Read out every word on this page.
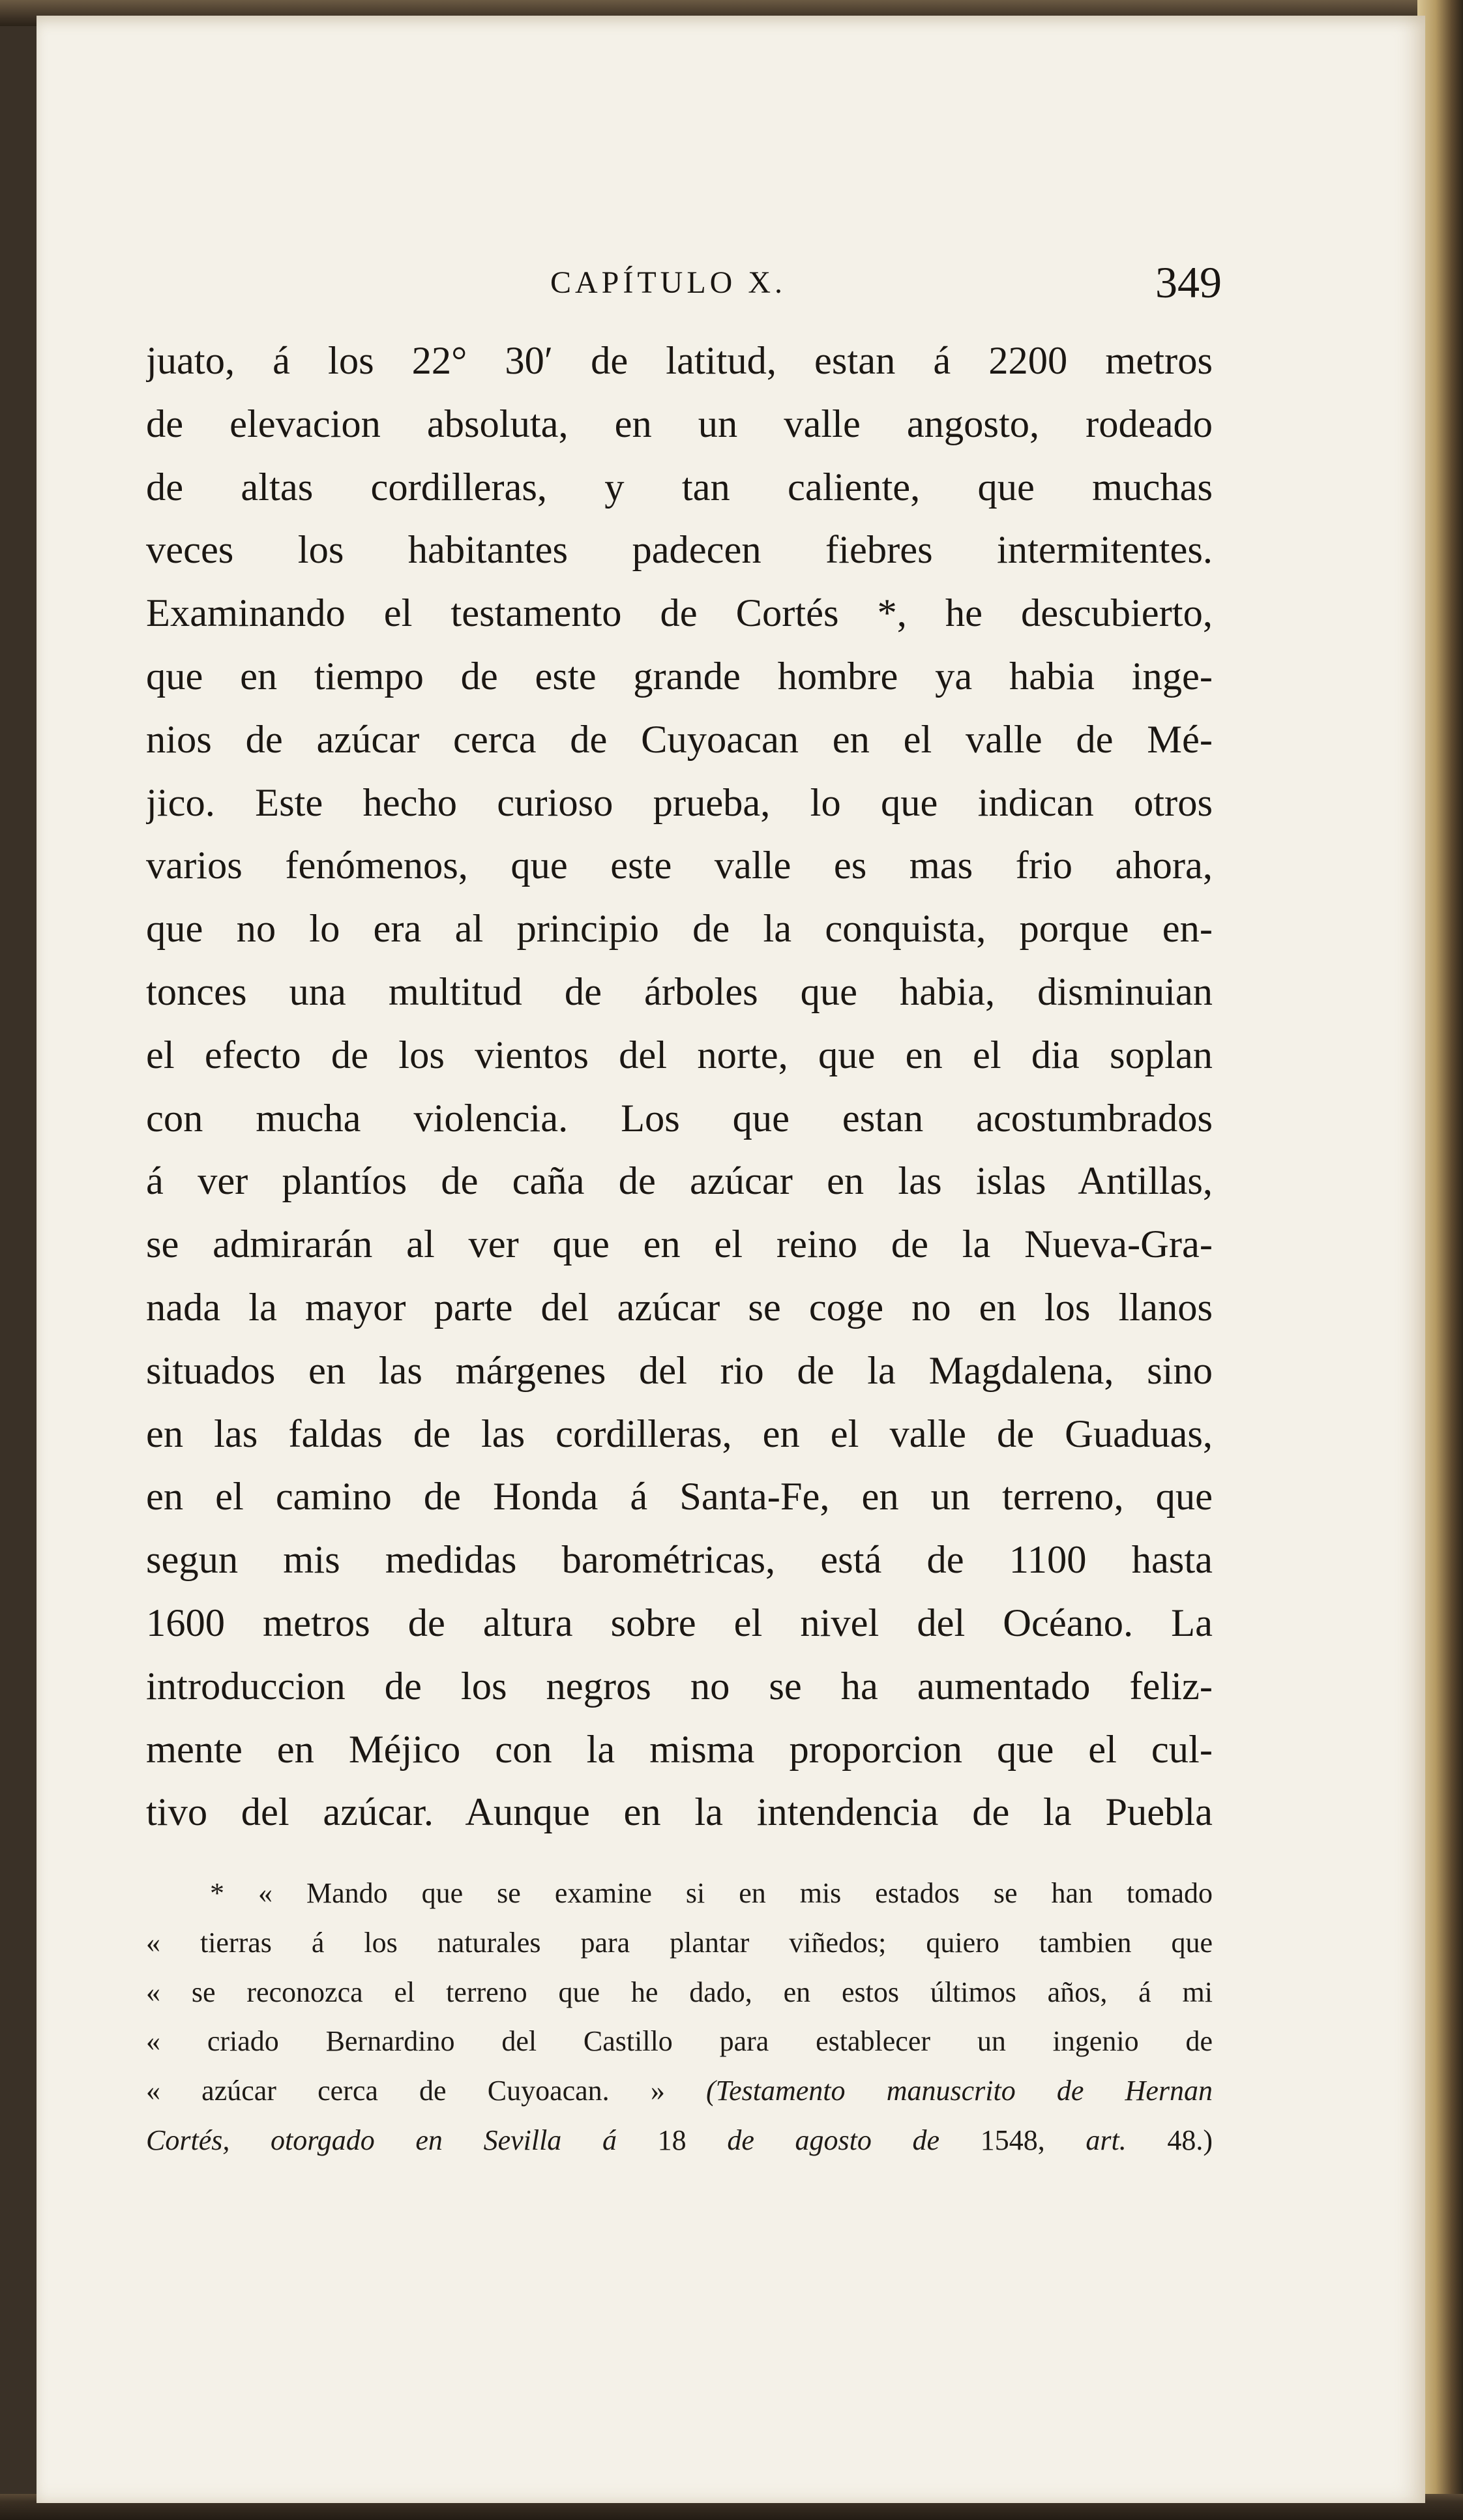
CAPÍTULO X.	349
juato, á los 22° 30′ de latitud, estan á 2200 metros
de elevacion absoluta, en un valle angosto, rodeado
de altas cordilleras, y tan caliente, que muchas
veces los habitantes padecen fiebres intermitentes.
Examinando el testamento de Cortés *, he descubierto,
que en tiempo de este grande hombre ya habia inge-
nios de azúcar cerca de Cuyoacan en el valle de Mé-
jico. Este hecho curioso prueba, lo que indican otros
varios fenómenos, que este valle es mas frio ahora,
que no lo era al principio de la conquista, porque en-
tonces una multitud de árboles que habia, disminuian
el efecto de los vientos del norte, que en el dia soplan
con mucha violencia. Los que estan acostumbrados
á ver plantíos de caña de azúcar en las islas Antillas,
se admirarán al ver que en el reino de la Nueva-Gra-
nada la mayor parte del azúcar se coge no en los llanos
situados en las márgenes del rio de la Magdalena, sino
en las faldas de las cordilleras, en el valle de Guaduas,
en el camino de Honda á Santa-Fe, en un terreno, que
segun mis medidas barométricas, está de 1100 hasta
1600 metros de altura sobre el nivel del Océano. La
introduccion de los negros no se ha aumentado feliz-
mente en Méjico con la misma proporcion que el cul-
tivo del azúcar. Aunque en la intendencia de la Puebla
* « Mando que se examine si en mis estados se han tomado
« tierras á los naturales para plantar viñedos; quiero tambien que
« se reconozca el terreno que he dado, en estos últimos años, á mi
« criado Bernardino del Castillo para establecer un ingenio de
« azúcar cerca de Cuyoacan. » (Testamento manuscrito de Hernan
Cortés, otorgado en Sevilla á 18 de agosto de 1548, art. 48.)
